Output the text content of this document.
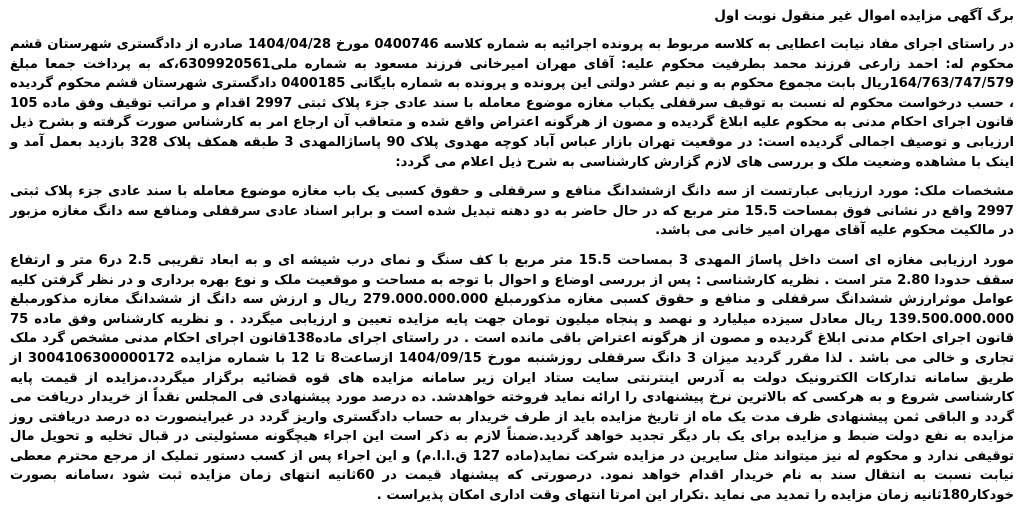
برگ آگهی مزایده اموال غیر منقول نوبت اول

در راستای اجرای مفاد نیابت اعطایی به کلاسه مربوط به پرونده اجرائیه به شماره کلاسه 0400746 مورخ 1404/04/28 صادره از دادگستری شهرستان قشم محکوم له: احمد زارعی فرزند محمد بطرفیت محکوم علیه: آقای مهران امیرخانی فرزند مسعود به شماره ملی6309920561،که به پرداخت جمعا مبلغ 164/763/747/579ریال بابت مجموع محکوم به و نیم عشر دولتی این پرونده و پرونده به شماره بایگانی 0400185 دادگستری شهرستان قشم محکوم گردیده ، حسب درخواست محکوم له نسبت به توقیف سرقفلی یکباب مغازه موضوع معامله با سند عادی جزء پلاک ثبتی 2997 اقدام و مراتب توقیف وفق ماده 105 قانون اجرای احکام مدنی به محکوم علیه ابلاغ گردیده و مصون از هرگونه اعتراض واقع شده و متعاقب آن ارجاع امر به کارشناس صورت گرفته و بشرح ذیل ارزیابی و توصیف اجمالی گردیده است: در موقعیت تهران بازار عباس آباد کوچه مهدوی پلاک 90 پاساژالمهدی 3 طبقه همکف پلاک 328 بازدید بعمل آمد و اینک با مشاهده وضعیت ملک و بررسی های لازم گزارش کارشناسی به شرح ذیل اعلام می گردد:

مشخصات ملک: مورد ارزیابی عبارتست از سه دانگ ازششدانگ منافع و سرقفلی و حقوق کسبی یک باب مغازه موضوع معامله با سند عادی جزء پلاک ثبتی 2997 واقع در نشانی فوق بمساحت 15.5 متر مربع که در حال حاضر به دو دهنه تبدیل شده است و برابر اسناد عادی سرقفلی ومنافع سه دانگ مغازه مزبور در مالکیت محکوم علیه آقای مهران امیر خانی می باشد.

مورد ارزیابی مغازه ای است داخل پاساژ المهدی 3 بمساحت 15.5 متر مربع با کف سنگ و نمای درب شیشه ای و به ابعاد تقریبی 2.5 در6 متر و ارتفاع سقف حدودا 2.80 متر است . نظریه کارشناسی : پس از بررسی اوضاع و احوال با توجه به مساحت و موقعیت ملک و نوع بهره برداری و در نظر گرفتن کلیه عوامل موثرارزش ششدانگ سرقفلی و منافع و حقوق کسبی مغازه مذکورمبلغ 279.000.000.000 ریال و ارزش سه دانگ از ششدانگ مغازه مذکورمبلغ 139.500.000.000 ریال معادل سیزده میلیارد و نهصد و پنجاه میلیون تومان جهت پایه مزایده تعیین و ارزیابی میگردد . و نظریه کارشناس وفق ماده 75 قانون اجرای احکام مدنی ابلاغ گردیده و مصون از هرگونه اعتراض باقی مانده است . در راستای اجرای ماده138قانون اجرای احکام مدنی مشخص گرد ملک تجاری و خالی می باشد . لذا مقرر گردید میزان 3 دانگ سرقفلی روزشنبه مورخ 1404/09/15 ازساعت8 تا 12 با شماره مزایده 3004106300000172 از طریق سامانه تدارکات الکترونیک دولت به آدرس اینترنتی سایت ستاد ایران زیر سامانه مزایده های قوه قضائیه برگزار میگردد.مزایده از قیمت پایه کارشناسی شروع و به هرکسی که بالاترین نرخ پیشنهادی را ارائه نماید فروخته خواهدشد. ده درصد مورد پیشنهادی فی المجلس نقداً از خریدار دریافت می گردد و الباقی ثمن پیشنهادی ظرف مدت یک ماه از تاریخ مزایده باید از طرف خریدار به حساب دادگستری واریز گردد در غیراینصورت ده درصد دریافتی روز مزایده به نفع دولت ضبط و مزایده برای یک بار دیگر تجدید خواهد گردید.ضمناً لازم به ذکر است این اجراء هیچگونه مسئولیتی در قبال تخلیه و تحویل مال توقیفی ندارد و محکوم له نیز میتواند مثل سایرین در مزایده شرکت نماید(ماده 127 ق.ا.ا.م) و این اجراء پس از کسب دستور تملیک از مرجع محترم معطی نیابت نسبت به انتقال سند به نام خریدار اقدام خواهد نمود. درصورتی که پیشنهاد قیمت در 60ثانیه انتهای زمان مزایده ثبت شود ،سامانه بصورت خودکار180ثانیه زمان مزایده را تمدید می نماید .تکرار این امرتا انتهای وقت اداری امکان پذیراست .
